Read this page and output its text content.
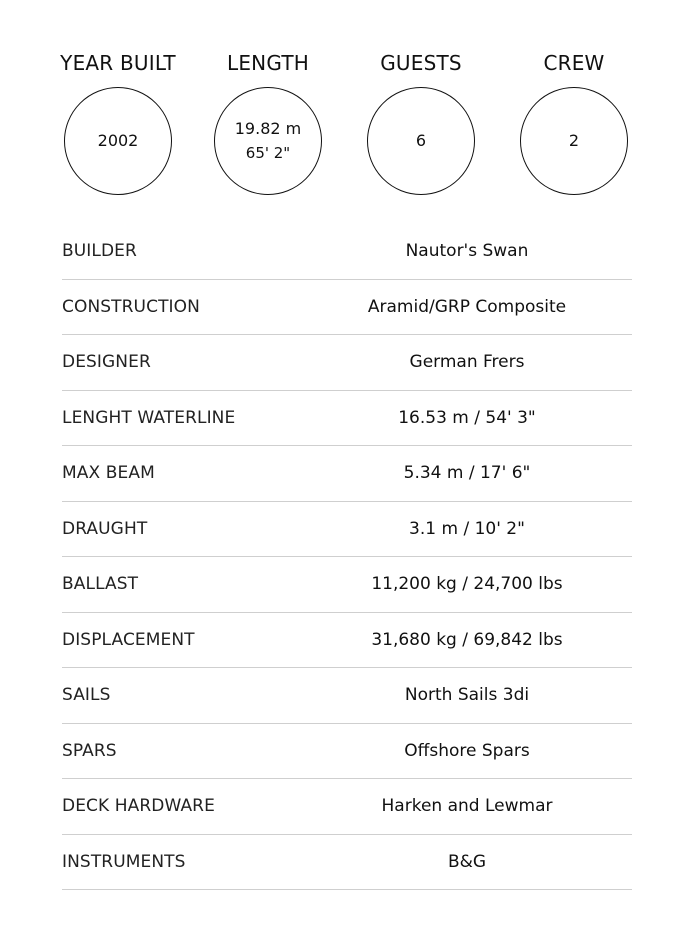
YEAR BUILT
2002
LENGTH
19.82 m
65' 2"
GUESTS
6
CREW
2
BUILDER	Nautor's Swan
CONSTRUCTION	Aramid/GRP Composite
DESIGNER	German Frers
LENGHT WATERLINE	16.53 m / 54' 3"
MAX BEAM	5.34 m / 17' 6"
DRAUGHT	3.1 m / 10' 2"
BALLAST	11,200 kg / 24,700 lbs
DISPLACEMENT	31,680 kg / 69,842 lbs
SAILS	North Sails 3di
SPARS	Offshore Spars
DECK HARDWARE	Harken and Lewmar
INSTRUMENTS	B&G
